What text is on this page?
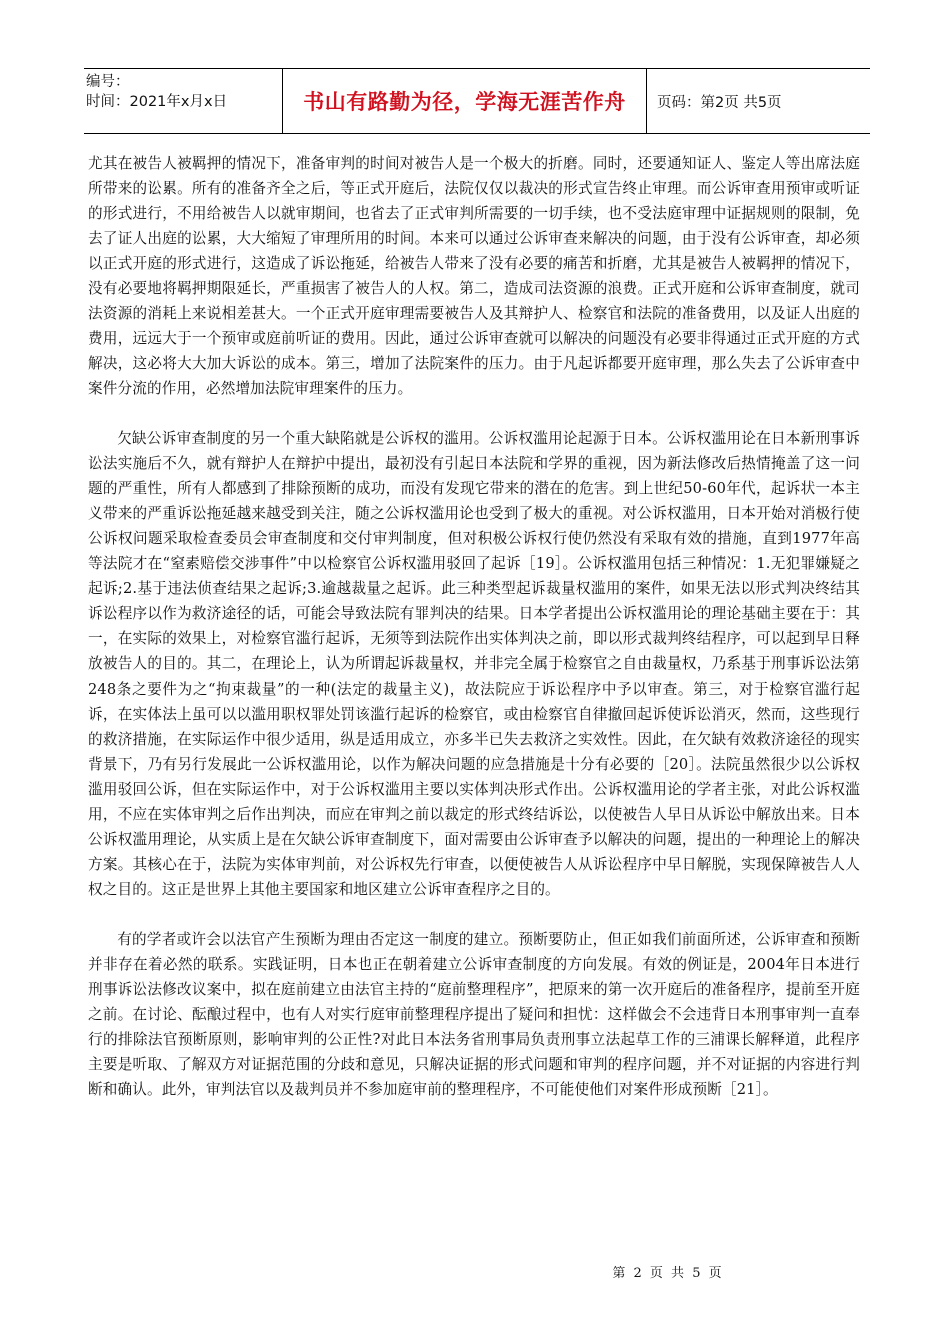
编号：
时间：2021年x月x日	书山有路勤为径，学海无涯苦作舟	页码：第2页 共5页

尤其在被告人被羁押的情况下，准备审判的时间对被告人是一个极大的折磨。同时，还要通知证人、鉴定人等出席法庭所带来的讼累。所有的准备齐全之后，等正式开庭后，法院仅仅以裁决的形式宣告终止审理。而公诉审查用预审或听证的形式进行，不用给被告人以就审期间，也省去了正式审判所需要的一切手续，也不受法庭审理中证据规则的限制，免去了证人出庭的讼累，大大缩短了审理所用的时间。本来可以通过公诉审查来解决的问题，由于没有公诉审查，却必须以正式开庭的形式进行，这造成了诉讼拖延，给被告人带来了没有必要的痛苦和折磨，尤其是被告人被羁押的情况下，没有必要地将羁押期限延长，严重损害了被告人的人权。第二，造成司法资源的浪费。正式开庭和公诉审查制度，就司法资源的消耗上来说相差甚大。一个正式开庭审理需要被告人及其辩护人、检察官和法院的准备费用，以及证人出庭的费用，远远大于一个预审或庭前听证的费用。因此，通过公诉审查就可以解决的问题没有必要非得通过正式开庭的方式解决，这必将大大加大诉讼的成本。第三，增加了法院案件的压力。由于凡起诉都要开庭审理，那么失去了公诉审查中案件分流的作用，必然增加法院审理案件的压力。

欠缺公诉审查制度的另一个重大缺陷就是公诉权的滥用。公诉权滥用论起源于日本。公诉权滥用论在日本新刑事诉讼法实施后不久，就有辩护人在辩护中提出，最初没有引起日本法院和学界的重视，因为新法修改后热情掩盖了这一问题的严重性，所有人都感到了排除预断的成功，而没有发现它带来的潜在的危害。到上世纪50-60年代，起诉状一本主义带来的严重诉讼拖延越来越受到关注，随之公诉权滥用论也受到了极大的重视。对公诉权滥用，日本开始对消极行使公诉权问题采取检查委员会审查制度和交付审判制度，但对积极公诉权行使仍然没有采取有效的措施，直到1977年高等法院才在“窒素赔偿交涉事件”中以检察官公诉权滥用驳回了起诉［19］。公诉权滥用包括三种情况：1.无犯罪嫌疑之起诉;2.基于违法侦查结果之起诉;3.逾越裁量之起诉。此三种类型起诉裁量权滥用的案件，如果无法以形式判决终结其诉讼程序以作为救济途径的话，可能会导致法院有罪判决的结果。日本学者提出公诉权滥用论的理论基础主要在于：其一，在实际的效果上，对检察官滥行起诉，无须等到法院作出实体判决之前，即以形式裁判终结程序，可以起到早日释放被告人的目的。其二，在理论上，认为所谓起诉裁量权，并非完全属于检察官之自由裁量权，乃系基于刑事诉讼法第248条之要件为之“拘束裁量”的一种(法定的裁量主义)，故法院应于诉讼程序中予以审查。第三，对于检察官滥行起诉，在实体法上虽可以以滥用职权罪处罚该滥行起诉的检察官，或由检察官自律撤回起诉使诉讼消灭，然而，这些现行的救济措施，在实际运作中很少适用，纵是适用成立，亦多半已失去救济之实效性。因此，在欠缺有效救济途径的现实背景下，乃有另行发展此一公诉权滥用论，以作为解决问题的应急措施是十分有必要的［20］。法院虽然很少以公诉权滥用驳回公诉，但在实际运作中，对于公诉权滥用主要以实体判决形式作出。公诉权滥用论的学者主张，对此公诉权滥用，不应在实体审判之后作出判决，而应在审判之前以裁定的形式终结诉讼，以使被告人早日从诉讼中解放出来。日本公诉权滥用理论，从实质上是在欠缺公诉审查制度下，面对需要由公诉审查予以解决的问题，提出的一种理论上的解决方案。其核心在于，法院为实体审判前，对公诉权先行审查，以便使被告人从诉讼程序中早日解脱，实现保障被告人人权之目的。这正是世界上其他主要国家和地区建立公诉审查程序之目的。

有的学者或许会以法官产生预断为理由否定这一制度的建立。预断要防止，但正如我们前面所述，公诉审查和预断并非存在着必然的联系。实践证明，日本也正在朝着建立公诉审查制度的方向发展。有效的例证是，2004年日本进行刑事诉讼法修改议案中，拟在庭前建立由法官主持的“庭前整理程序”，把原来的第一次开庭后的准备程序，提前至开庭之前。在讨论、酝酿过程中，也有人对实行庭审前整理程序提出了疑问和担忧：这样做会不会违背日本刑事审判一直奉行的排除法官预断原则，影响审判的公正性?对此日本法务省刑事局负责刑事立法起草工作的三浦课长解释道，此程序主要是听取、了解双方对证据范围的分歧和意见，只解决证据的形式问题和审判的程序问题，并不对证据的内容进行判断和确认。此外，审判法官以及裁判员并不参加庭审前的整理程序，不可能使他们对案件形成预断［21］。

第 2 页 共 5 页
